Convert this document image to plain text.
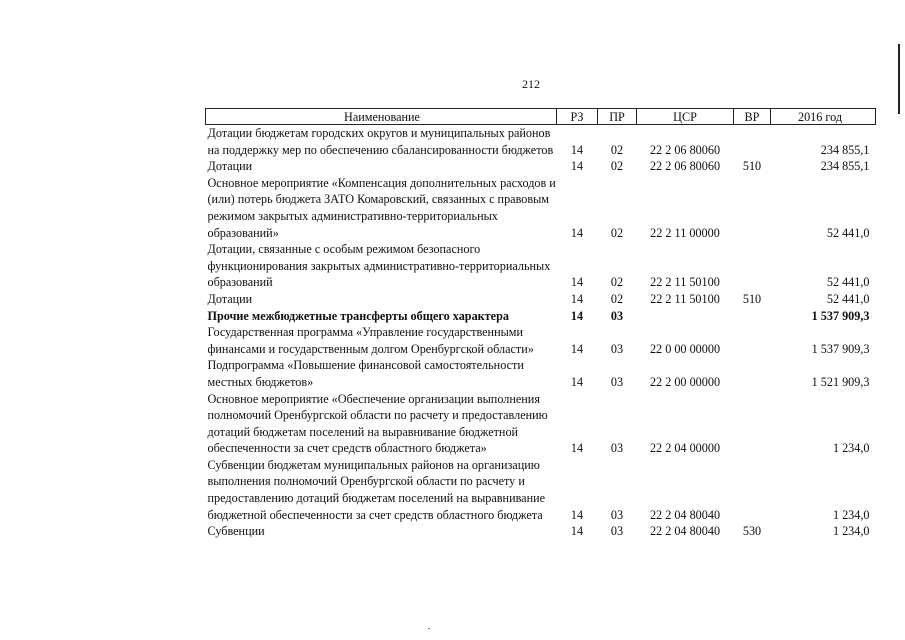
212
Наименование	РЗ	ПР	ЦСР	ВР	2016 год
Дотации бюджетам городских округов и муниципальных районов на поддержку мер по обеспечению сбалансированности бюджетов	14	02	22 2 06 80060		234 855,1
Дотации	14	02	22 2 06 80060	510	234 855,1
Основное мероприятие «Компенсация дополнительных расходов и (или) потерь бюджета ЗАТО Комаровский, связанных с правовым режимом закрытых административно-территориальных образований»	14	02	22 2 11 00000		52 441,0
Дотации, связанные с особым режимом безопасного функционирования закрытых административно-территориальных образований	14	02	22 2 11 50100		52 441,0
Дотации	14	02	22 2 11 50100	510	52 441,0
Прочие межбюджетные трансферты общего характера	14	03			1 537 909,3
Государственная программа «Управление государственными финансами и государственным долгом Оренбургской области»	14	03	22 0 00 00000		1 537 909,3
Подпрограмма «Повышение финансовой самостоятельности местных бюджетов»	14	03	22 2 00 00000		1 521 909,3
Основное мероприятие «Обеспечение организации выполнения полномочий Оренбургской области по расчету и предоставлению дотаций бюджетам поселений на выравнивание бюджетной обеспеченности за счет средств областного бюджета»	14	03	22 2 04 00000		1 234,0
Субвенции бюджетам муниципальных районов на организацию выполнения полномочий Оренбургской области по расчету и предоставлению дотаций бюджетам поселений на выравнивание бюджетной обеспеченности за счет средств областного бюджета	14	03	22 2 04 80040		1 234,0
Субвенции	14	03	22 2 04 80040	530	1 234,0
